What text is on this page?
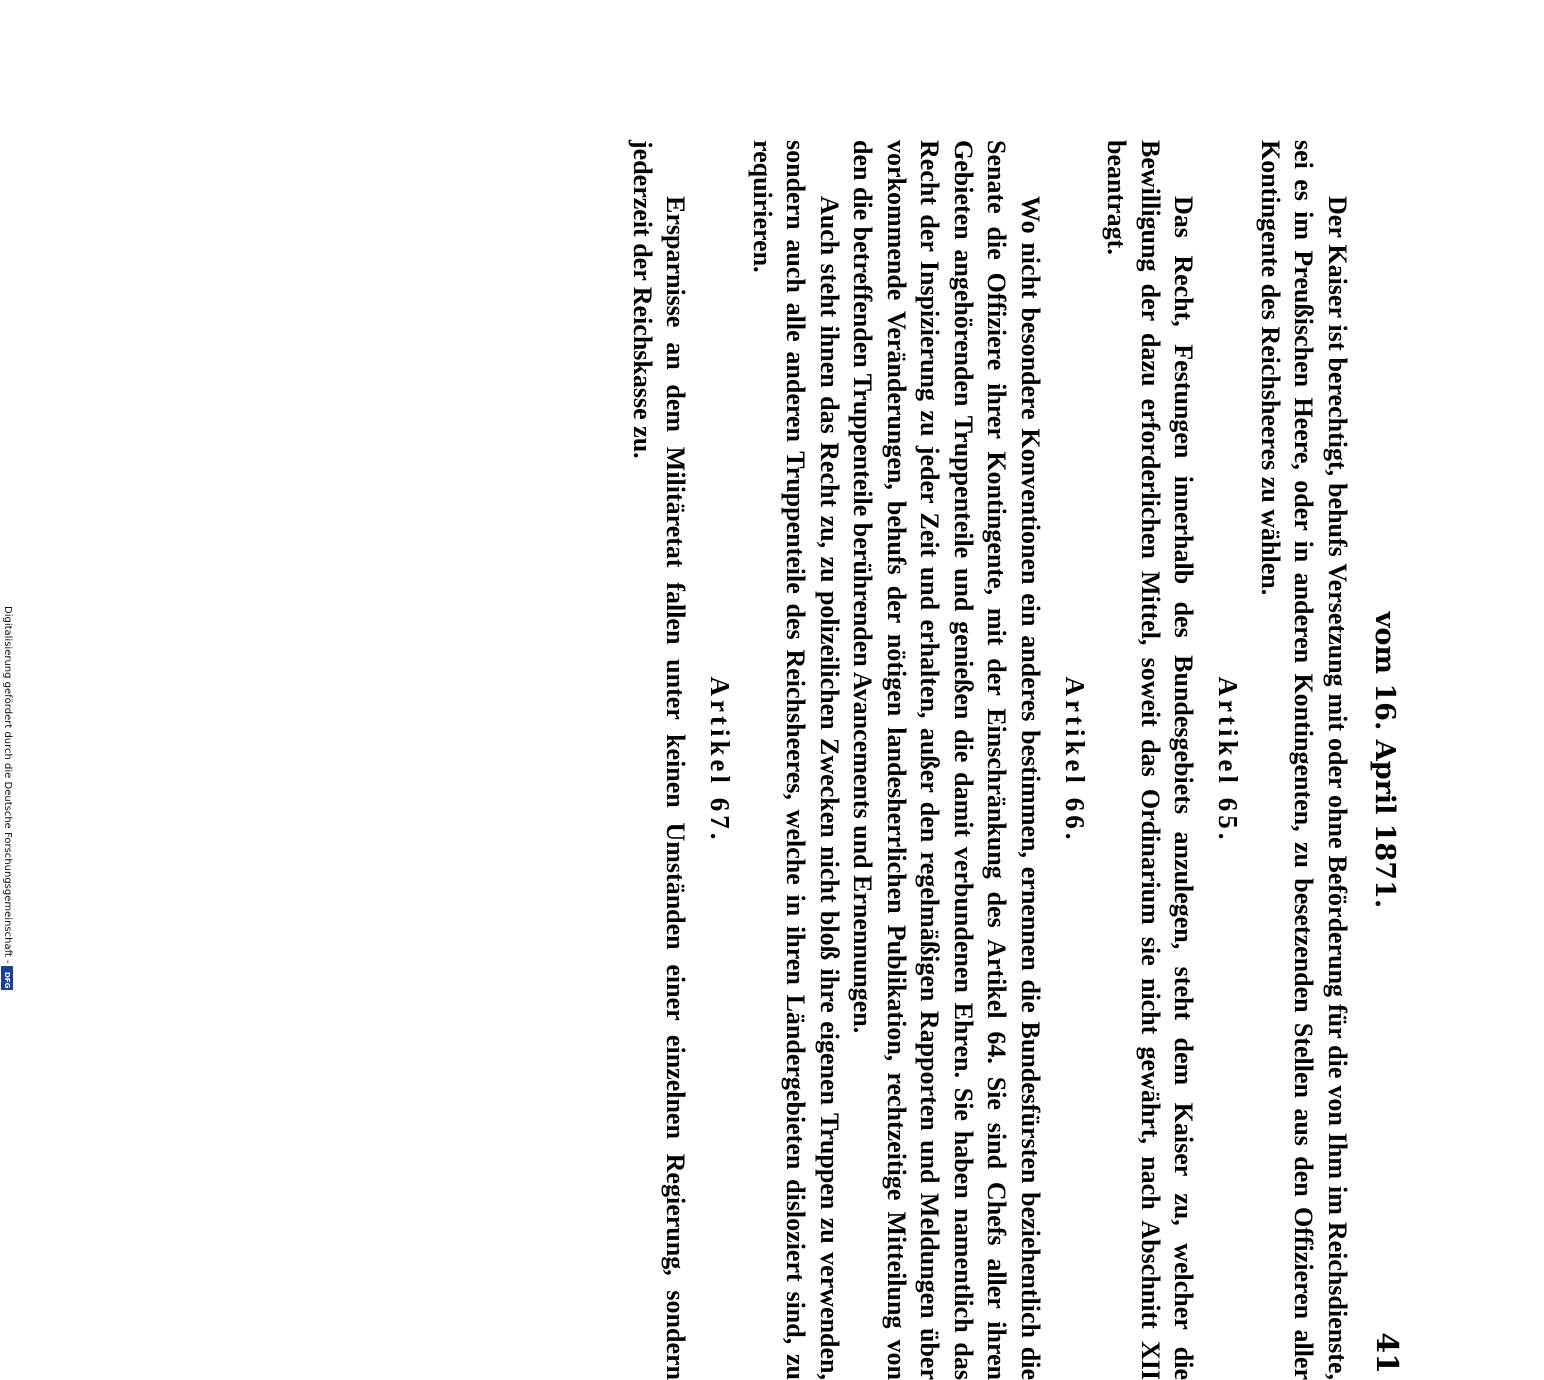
vom 16. April 1871.
41

Der Kaiser ist berechtigt, behufs Versetzung mit oder ohne Beförderung für die von Ihm im Reichsdienste, sei es im Preußischen Heere, oder in anderen Kontingenten, zu besetzenden Stellen aus den Offizieren aller Kontingente des Reichsheeres zu wählen.

Artikel 65.

Das Recht, Festungen innerhalb des Bundesgebiets anzulegen, steht dem Kaiser zu, welcher die Bewilligung der dazu erforderlichen Mittel, soweit das Ordinarium sie nicht gewährt, nach Abschnitt XII beantragt.

Artikel 66.

Wo nicht besondere Konventionen ein anderes bestimmen, ernennen die Bundesfürsten beziehentlich die Senate die Offiziere ihrer Kontingente, mit der Einschränkung des Artikel 64. Sie sind Chefs aller ihren Gebieten angehörenden Truppenteile und genießen die damit verbundenen Ehren. Sie haben namentlich das Recht der Inspizierung zu jeder Zeit und erhalten, außer den regelmäßigen Rapporten und Meldungen über vorkommende Veränderungen, behufs der nötigen landesherrlichen Publikation, rechtzeitige Mitteilung von den die betreffenden Truppenteile berührenden Avancements und Ernennungen.

Auch steht ihnen das Recht zu, zu polizeilichen Zwecken nicht bloß ihre eigenen Truppen zu verwenden, sondern auch alle anderen Truppenteile des Reichsheeres, welche in ihren Ländergebieten disloziert sind, zu requirieren.

Artikel 67.

Ersparnisse an dem Militäretat fallen unter keinen Umständen einer einzelnen Regierung, sondern jederzeit der Reichskasse zu.

Digitalisierung gefördert durch die Deutsche Forschungsgemeinschaft -
DFG
